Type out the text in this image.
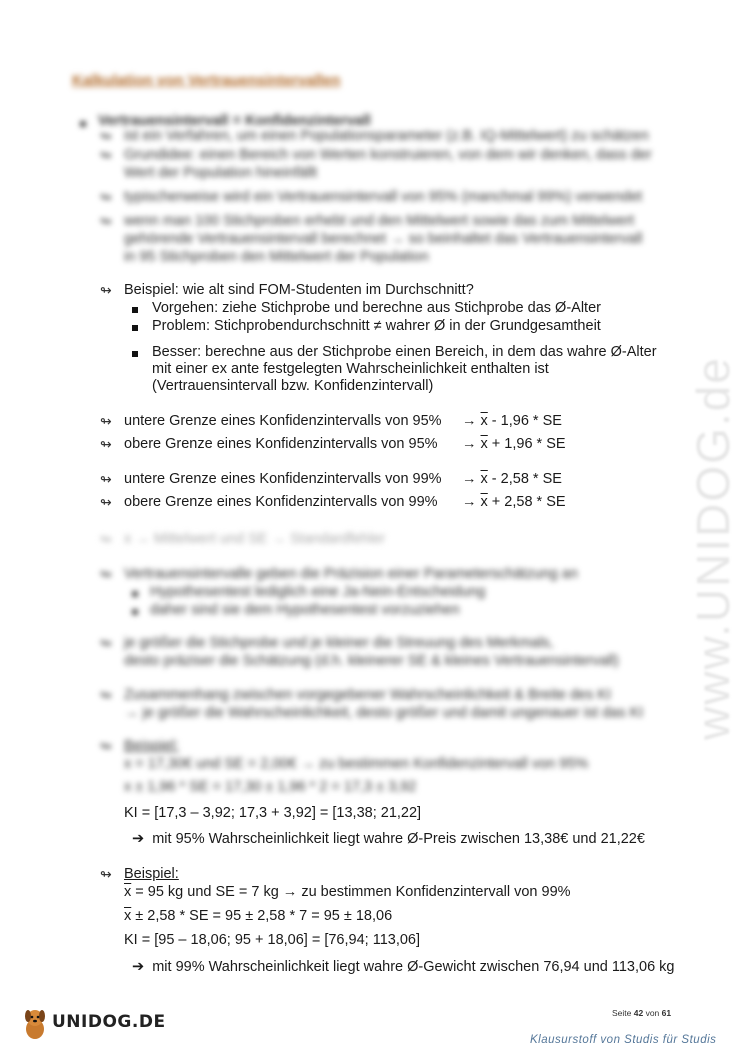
Kalkulation von Vertrauensintervallen
Vertrauensintervall = Konfidenzintervall
↬ ist ein Verfahren, um einen Populationsparameter (z.B. IQ-Mittelwert) zu schätzen
↬ Grundidee: einen Bereich von Werten konstruieren, von dem wir denken, dass der
Wert der Population hineinfällt
↬ typischerweise wird ein Vertrauensintervall von 95% (manchmal 99%) verwendet
↬ wenn man 100 Stichproben erhebt und den Mittelwert sowie das zum Mittelwert
gehörende Vertrauensintervall berechnet → so beinhaltet das Vertrauensintervall
in 95 Stichproben den Mittelwert der Population
↬ Beispiel: wie alt sind FOM-Studenten im Durchschnitt?
Vorgehen: ziehe Stichprobe und berechne aus Stichprobe das Ø-Alter
Problem: Stichprobendurchschnitt ≠ wahrer Ø in der Grundgesamtheit
Besser: berechne aus der Stichprobe einen Bereich, in dem das wahre Ø-Alter
mit einer ex ante festgelegten Wahrscheinlichkeit enthalten ist
(Vertrauensintervall bzw. Konfidenzintervall)
↬ untere Grenze eines Konfidenzintervalls von $95\% \to \overline{x} - 1,96$ * SE
↬ obere Grenze eines Konfidenzintervalls von $95\% \to \overline{x} + 1,96$ * SE
↬ untere Grenze eines Konfidenzintervalls von $99\% \to \overline{x} - 2,58$ * SE
↬ obere Grenze eines Konfidenzintervalls von $99\% \to \overline{x} + 2,58$ * SE
↬ x → Mittelwert und SE → Standardfehler
↬ Vertrauensintervalle geben die Präzision einer Parameterschätzung an
Hypothesentest lediglich eine Ja-Nein-Entscheidung
daher sind sie dem Hypothesentest vorzuziehen
↬ je größer die Stichprobe und je kleiner die Streuung des Merkmals,
desto präziser die Schätzung (d.h. kleinerer SE & kleines Vertrauensintervall)
↬ Zusammenhang zwischen vorgegebener Wahrscheinlichkeit & Breite des KI
→ je größer die Wahrscheinlichkeit, desto größer und damit ungenauer ist das KI
↬ Beispiel:
x = 17,30€ und SE = 2,00€ → zu bestimmen Konfidenzintervall von 95%
x ± 1,96 * SE = 17,30 ± 1,96 * 2 = 17,3 ± 3,92
KI = [17,3 – 3,92; 17,3 + 3,92] = [13,38; 21,22]
➔ mit 95% Wahrscheinlichkeit liegt wahre Ø-Preis zwischen 13,38€ und 21,22€
↬ Beispiel:
$\overline{x} = 95$ kg und SE = 7 kg → zu bestimmen Konfidenzintervall von 99%
$\overline{x} \pm 2,58$ * SE = 95 ± 2,58 * 7 = 95 ± 18,06
KI = [95 – 18,06; 95 + 18,06] = [76,94; 113,06]
➔ mit 99% Wahrscheinlichkeit liegt wahre Ø-Gewicht zwischen 76,94 und 113,06 kg
www.UNIDOG.de
Seite 42 von 61
UNIDOG.DE
Klausurstoff von Studis für Studis
